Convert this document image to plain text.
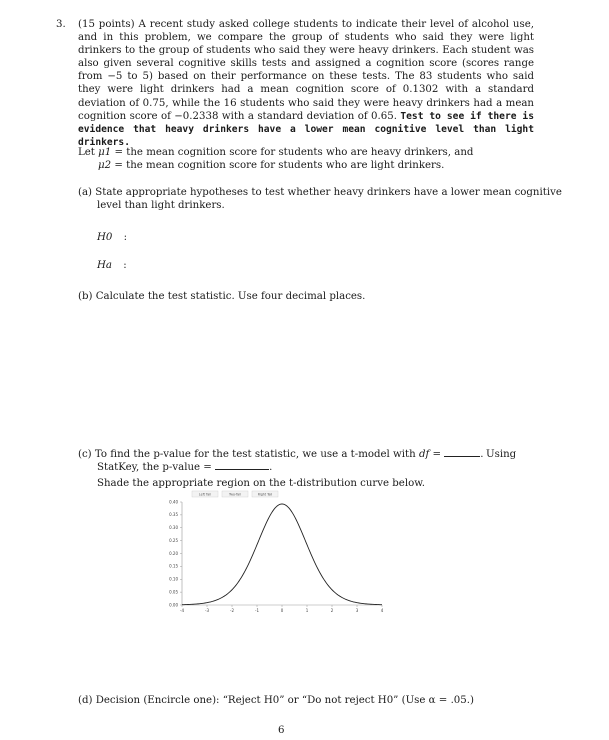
3. (15 points) A recent study asked college students to indicate their level of alcohol use, and in this problem, we compare the group of students who said they were light drinkers to the group of students who said they were heavy drinkers. Each student was also given several cognitive skills tests and assigned a cognition score (scores range from −5 to 5) based on their performance on these tests. The 83 students who said they were light drinkers had a mean cognition score of 0.1302 with a standard deviation of 0.75, while the 16 students who said they were heavy drinkers had a mean cognition score of −0.2338 with a standard deviation of 0.65. Test to see if there is evidence that heavy drinkers have a lower mean cognitive level than light drinkers.

Let μ1 = the mean cognition score for students who are heavy drinkers, and
μ2 = the mean cognition score for students who are light drinkers.
(a) State appropriate hypotheses to test whether heavy drinkers have a lower mean cognitive
level than light drinkers.
H0 :
Ha :
(b) Calculate the test statistic. Use four decimal places.
(c) To find the p-value for the test statistic, we use a t-model with df =	. Using
StatKey, the p-value =	.
Shade the appropriate region on the t-distribution curve below.
Left Tail	Two-Tail	Right Tail
0.00
0.05
0.10
0.15
0.20
0.25
0.30
0.35
0.40
-4	-3	-2	-1	0	1	2	3	4
(d) Decision (Encircle one): “Reject H0” or “Do not reject H0” (Use α = .05.)
6
